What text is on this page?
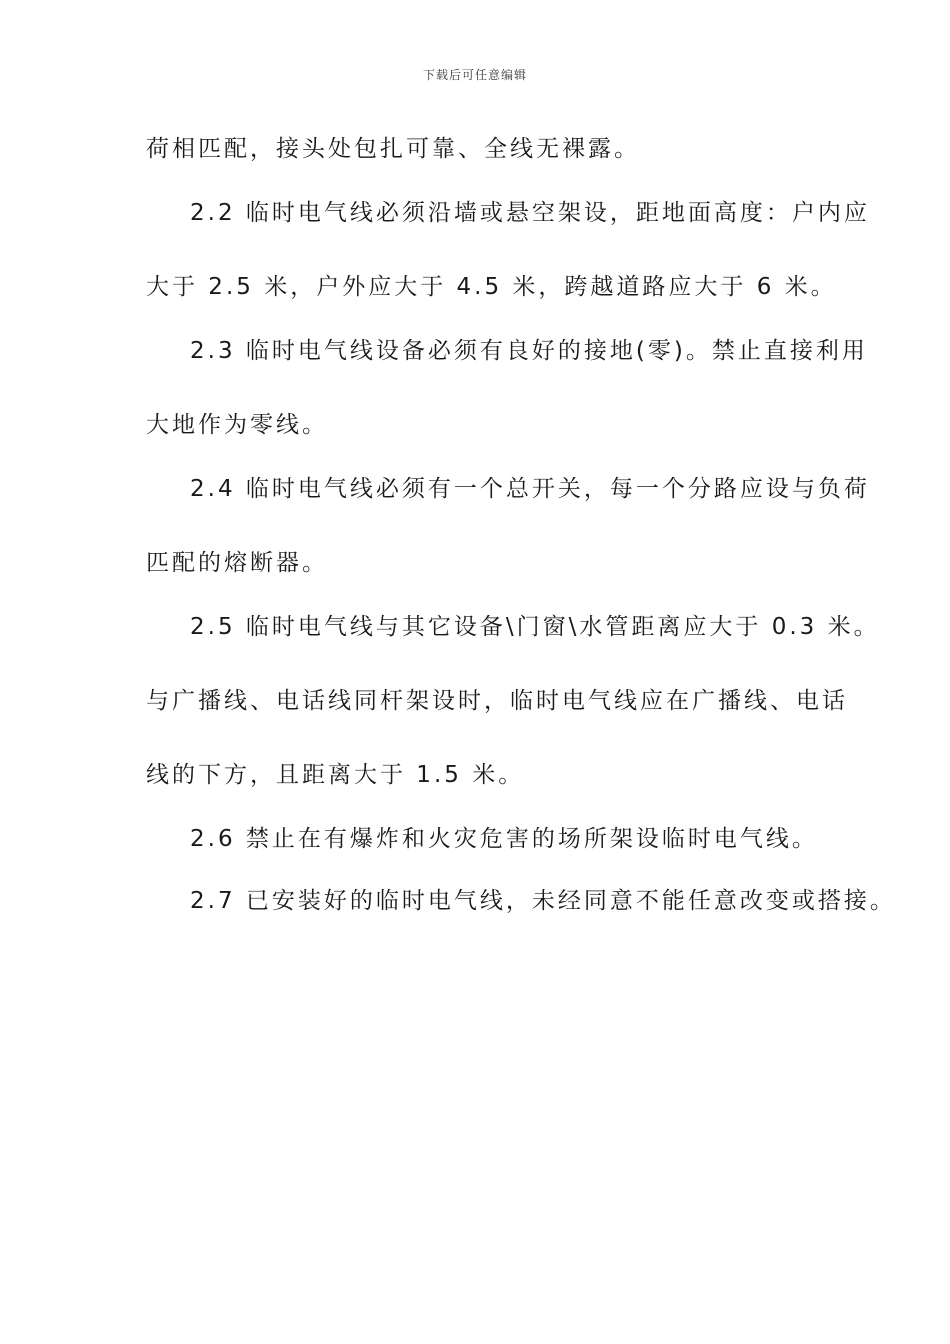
下载后可任意编辑
荷相匹配，接头处包扎可靠、全线无裸露。
2.2 临时电气线必须沿墙或悬空架设，距地面高度：户内应
大于 2.5 米，户外应大于 4.5 米，跨越道路应大于 6 米。
2.3 临时电气线设备必须有良好的接地(零)。禁止直接利用
大地作为零线。
2.4 临时电气线必须有一个总开关，每一个分路应设与负荷
匹配的熔断器。
2.5 临时电气线与其它设备\门窗\水管距离应大于 0.3 米。
与广播线、电话线同杆架设时，临时电气线应在广播线、电话
线的下方，且距离大于 1.5 米。
2.6 禁止在有爆炸和火灾危害的场所架设临时电气线。
2.7 已安装好的临时电气线，未经同意不能任意改变或搭接。
